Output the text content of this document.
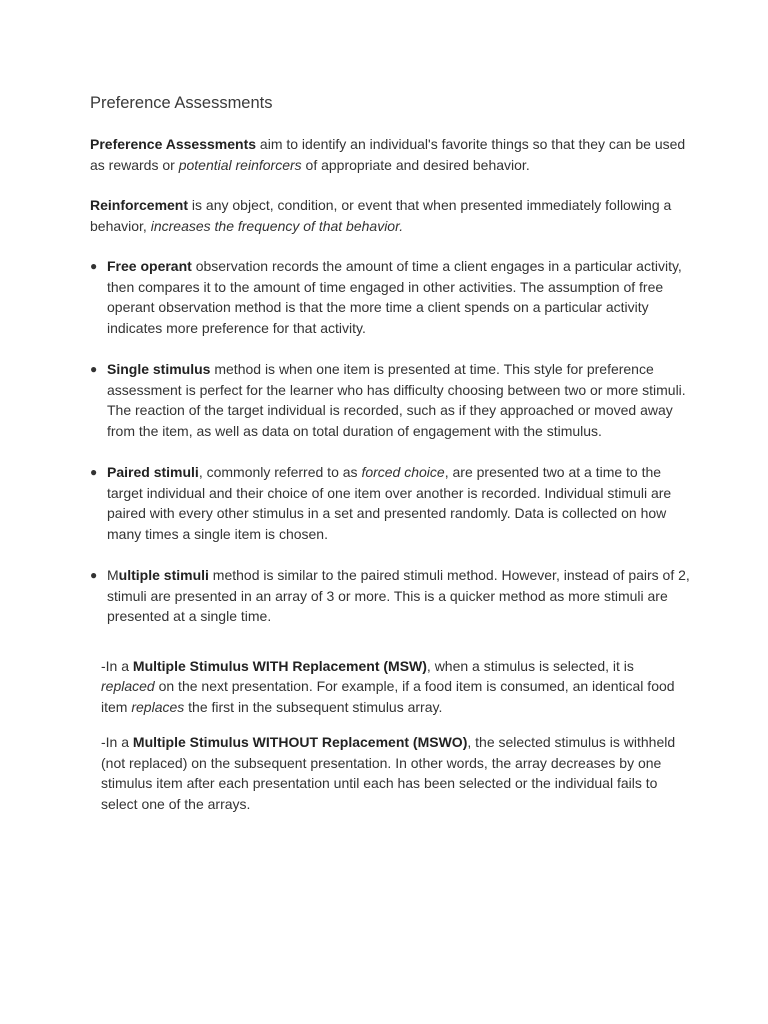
Preference Assessments

Preference Assessments aim to identify an individual's favorite things so that they can be used as rewards or potential reinforcers of appropriate and desired behavior.

Reinforcement is any object, condition, or event that when presented immediately following a behavior, increases the frequency of that behavior.

● Free operant observation records the amount of time a client engages in a particular activity, then compares it to the amount of time engaged in other activities. The assumption of free operant observation method is that the more time a client spends on a particular activity indicates more preference for that activity.
● Single stimulus method is when one item is presented at time. This style for preference assessment is perfect for the learner who has difficulty choosing between two or more stimuli. The reaction of the target individual is recorded, such as if they approached or moved away from the item, as well as data on total duration of engagement with the stimulus.
● Paired stimuli, commonly referred to as forced choice, are presented two at a time to the target individual and their choice of one item over another is recorded. Individual stimuli are paired with every other stimulus in a set and presented randomly. Data is collected on how many times a single item is chosen.
● Multiple stimuli method is similar to the paired stimuli method. However, instead of pairs of 2, stimuli are presented in an array of 3 or more. This is a quicker method as more stimuli are presented at a single time.

-In a Multiple Stimulus WITH Replacement (MSW), when a stimulus is selected, it is replaced on the next presentation. For example, if a food item is consumed, an identical food item replaces the first in the subsequent stimulus array.

-In a Multiple Stimulus WITHOUT Replacement (MSWO), the selected stimulus is withheld (not replaced) on the subsequent presentation. In other words, the array decreases by one stimulus item after each presentation until each has been selected or the individual fails to select one of the arrays.
